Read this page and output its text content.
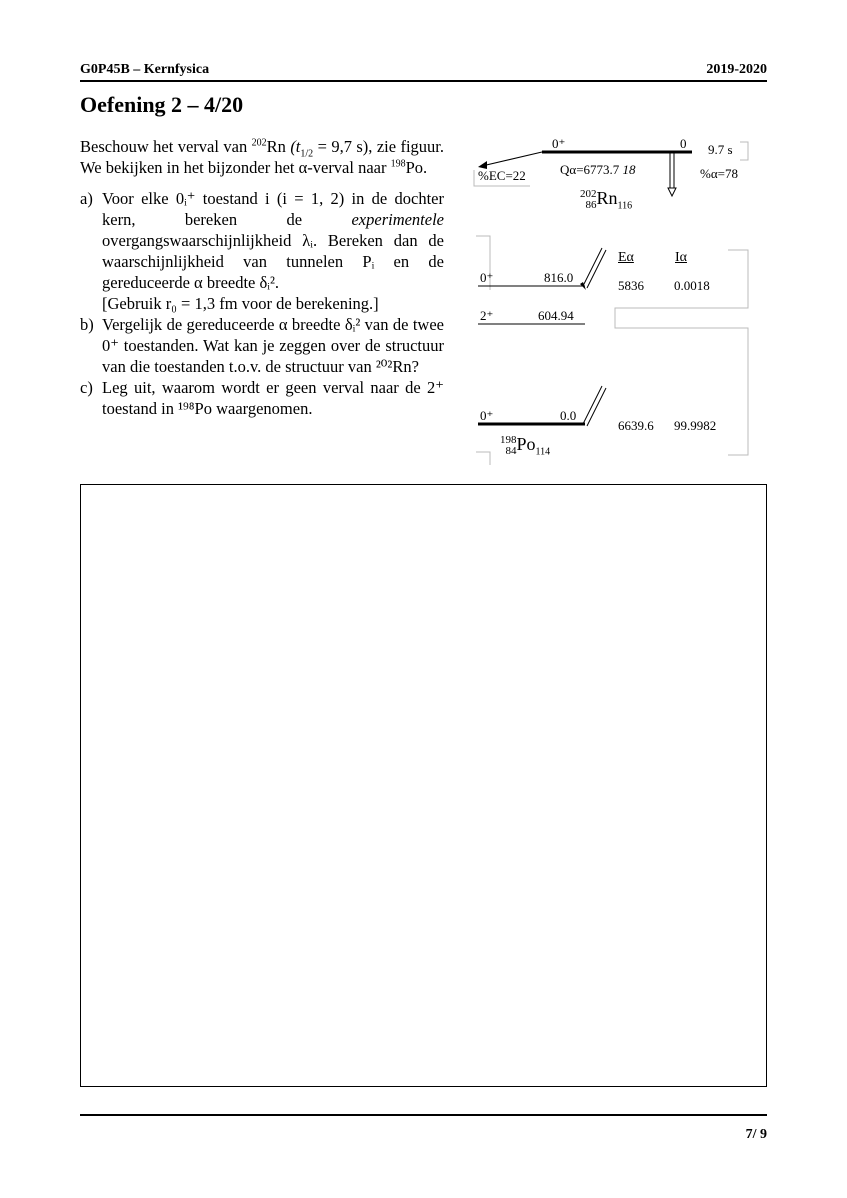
G0P45B – Kernfysica	2019-2020
Oefening 2 – 4/20

Beschouw het verval van $^{202}$Rn ($t_{1/2} = 9,7$ s), zie figuur. We bekijken in het bijzonder het α-verval naar $^{198}$Po.

a) Voor elke 0ᵢ⁺ toestand i (i = 1, 2) in de dochter kern, bereken de experimentele overgangswaarschijnlijkheid λᵢ. Bereken dan de waarschijnlijkheid van tunnelen Pᵢ en de gereduceerde α breedte δᵢ².
[Gebruik r₀ = 1,3 fm voor de berekening.]
b) Vergelijk de gereduceerde α breedte δᵢ² van de twee 0⁺ toestanden. Wat kan je zeggen over de structuur van die toestanden t.o.v. de structuur van ²⁰²Rn?
c) Leg uit, waarom wordt er geen verval naar de 2⁺ toestand in ¹⁹⁸Po waargenomen.
0⁺	0 9.7 s
%EC=22	Qα=6773.7 18	%α=78
202
$86Rn_{116}$
Eα	Iα
0⁺	816.0
5836 0.0018
2⁺	604.94
0⁺	0.0
6639.6 99.9982
198
$84Po_{114}$
7/ 9
